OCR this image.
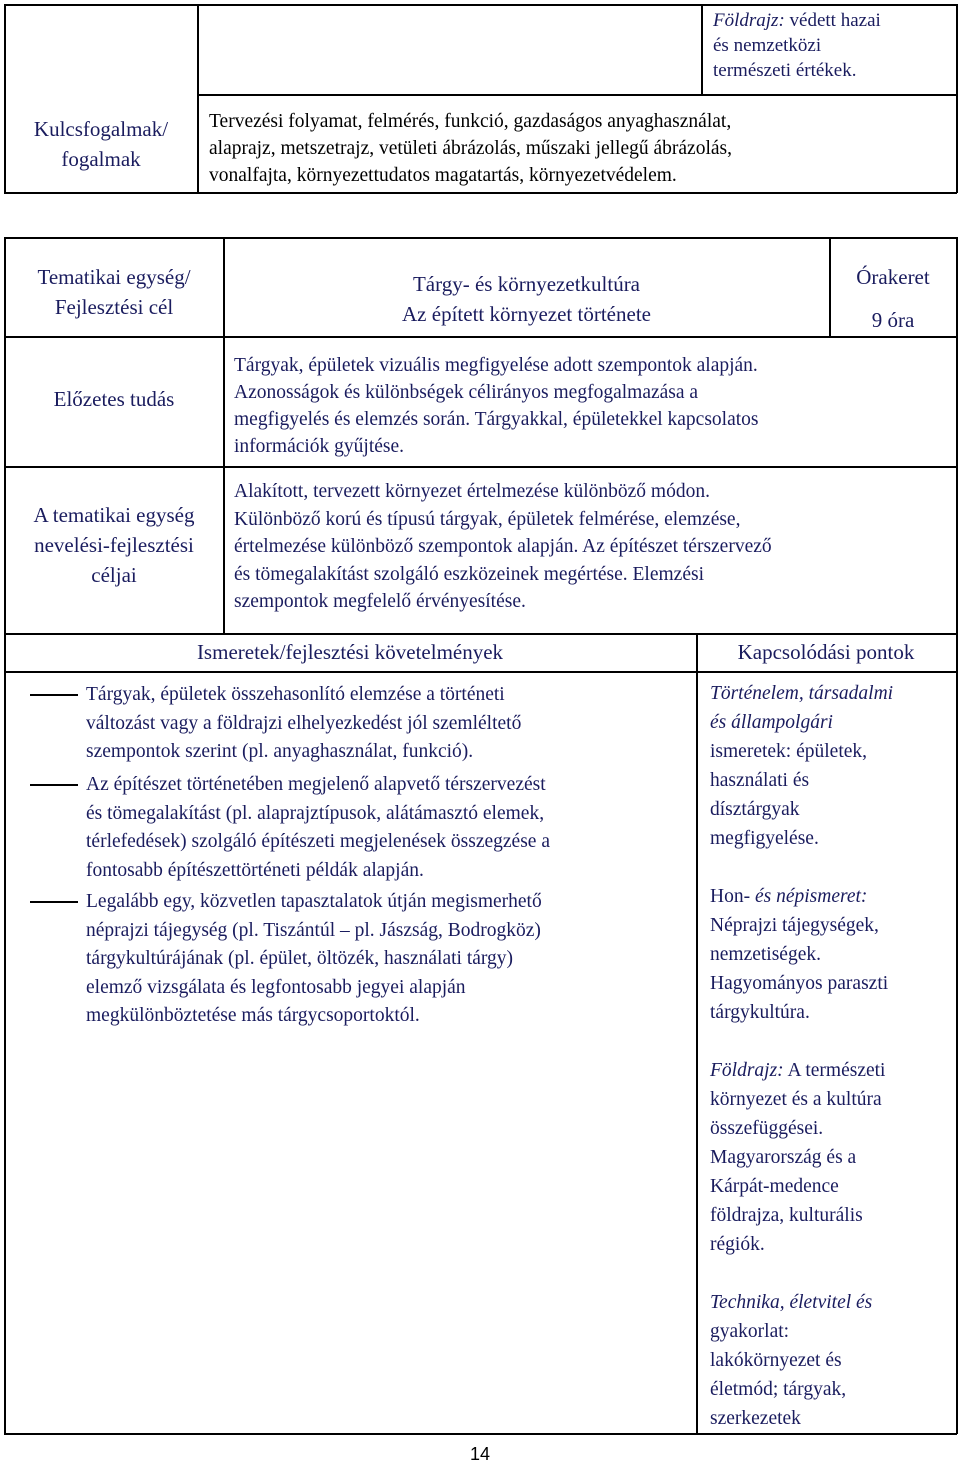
Földrajz: védett hazai

és nemzetközi

természeti értékek.

Kulcsfogalmak/

fogalmak

Tervezési folyamat, felmérés, funkció, gazdaságos anyaghasználat,

alaprajz, metszetrajz, vetületi ábrázolás, műszaki jellegű ábrázolás,

vonalfajta, környezettudatos magatartás, környezetvédelem.

Tematikai egység/

Fejlesztési cél

Tárgy- és környezetkultúra

Az épített környezet története

Órakeret
9 óra
Előzetes tudás

Tárgyak, épületek vizuális megfigyelése adott szempontok alapján.

Azonosságok és különbségek célirányos megfogalmazása a

megfigyelés és elemzés során. Tárgyakkal, épületekkel kapcsolatos

információk gyűjtése.

A tematikai egység

nevelési-fejlesztési

céljai

Alakított, tervezett környezet értelmezése különböző módon.

Különböző korú és típusú tárgyak, épületek felmérése, elemzése,

értelmezése különböző szempontok alapján. Az építészet térszervező

és tömegalakítást szolgáló eszközeinek megértése. Elemzési

szempontok megfelelő érvényesítése.

Ismeretek/fejlesztési követelmények	Kapcsolódási pontok

Tárgyak, épületek összehasonlító elemzése a történeti

változást vagy a földrajzi elhelyezkedést jól szemléltető

szempontok szerint (pl. anyaghasználat, funkció).

Az építészet történetében megjelenő alapvető térszervezést

és tömegalakítást (pl. alaprajztípusok, alátámasztó elemek,

térlefedések) szolgáló építészeti megjelenések összegzése a

fontosabb építészettörténeti példák alapján.

Legalább egy, közvetlen tapasztalatok útján megismerhető

néprajzi tájegység (pl. Tiszántúl – pl. Jászság, Bodrogköz)

tárgykultúrájának (pl. épület, öltözék, használati tárgy)

elemző vizsgálata és legfontosabb jegyei alapján

megkülönböztetése más tárgycsoportoktól.

Történelem, társadalmi

és állampolgári

ismeretek: épületek,

használati és

dísztárgyak

megfigyelése.

Hon- és népismeret:

Néprajzi tájegységek,

nemzetiségek.

Hagyományos paraszti

tárgykultúra.

Földrajz: A természeti

környezet és a kultúra

összefüggései.

Magyarország és a

Kárpát-medence

földrajza, kulturális

régiók.

Technika, életvitel és

gyakorlat:

lakókörnyezet és

életmód; tárgyak,

szerkezetek

14
